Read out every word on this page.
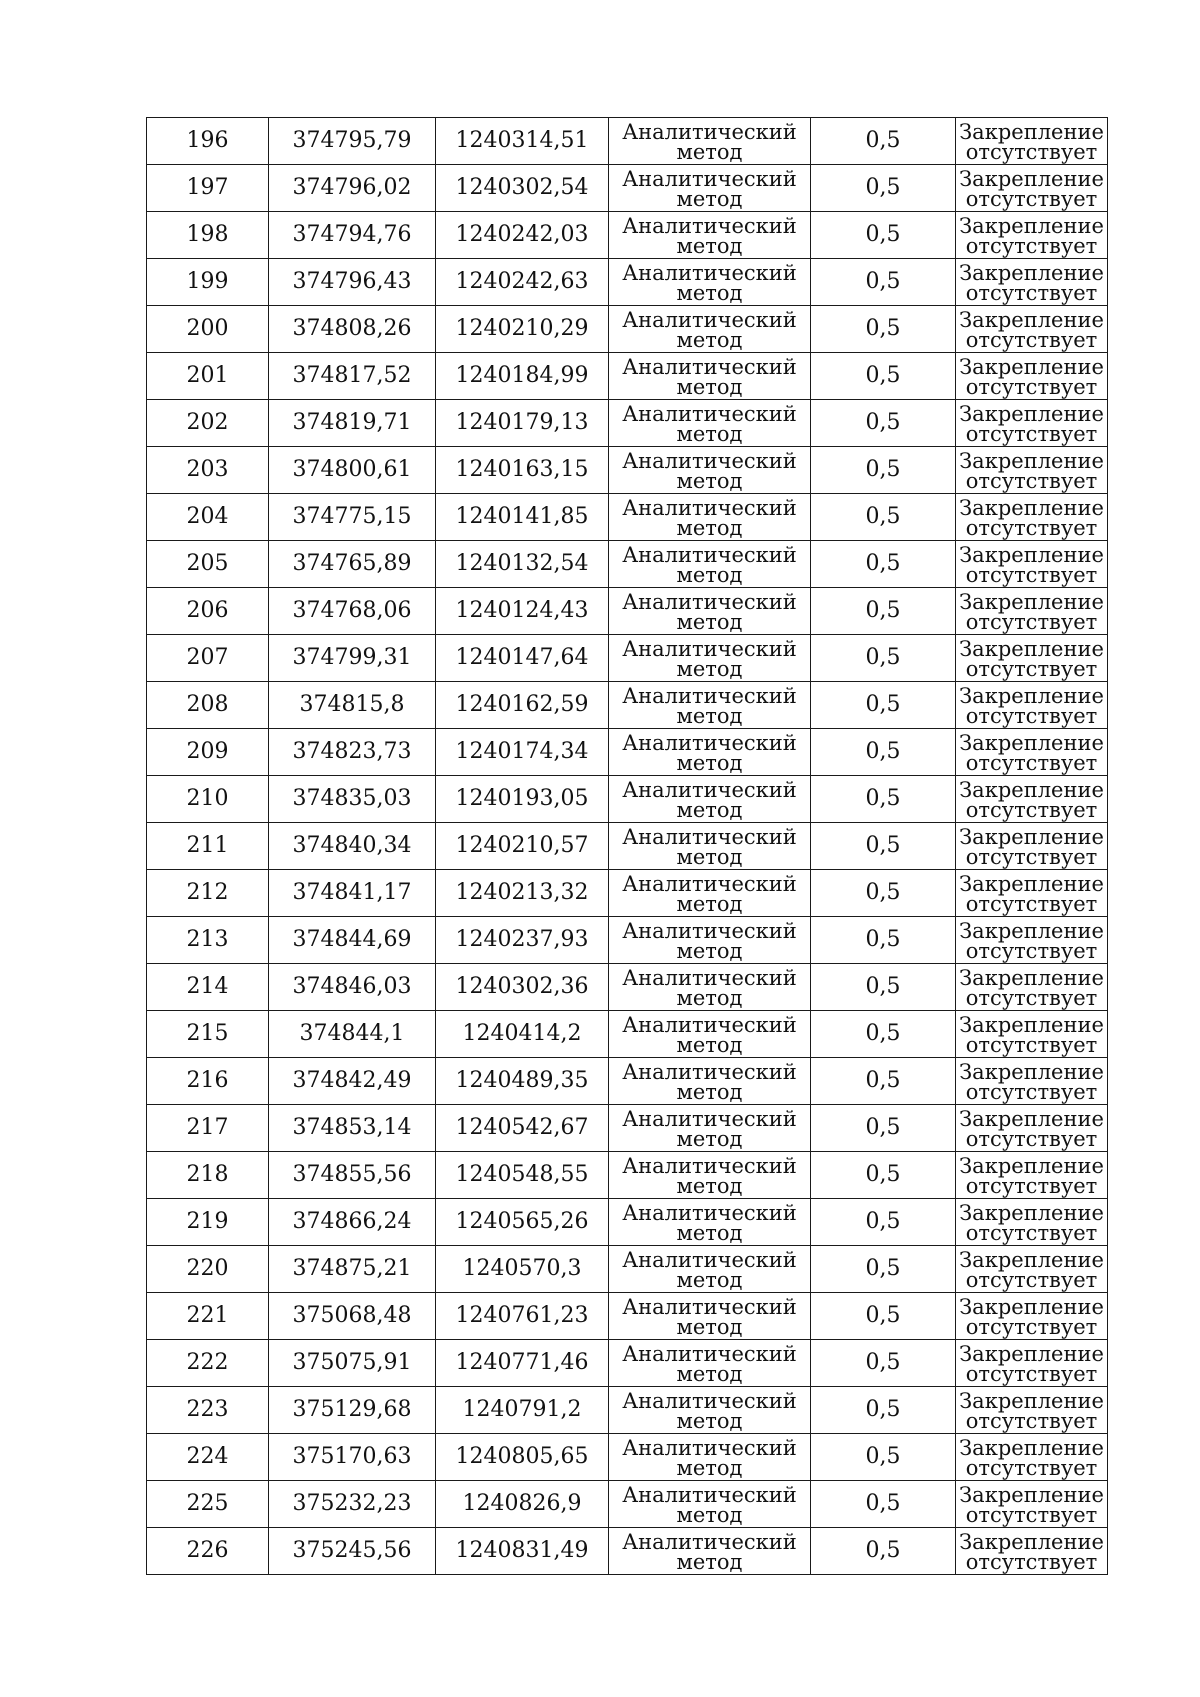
196	374795,79	1240314,51	Аналитический
метод	0,5	Закрепление
отсутствует

197	374796,02	1240302,54	Аналитический
метод	0,5	Закрепление
отсутствует

198	374794,76	1240242,03	Аналитический
метод	0,5	Закрепление
отсутствует

199	374796,43	1240242,63	Аналитический
метод	0,5	Закрепление
отсутствует

200	374808,26	1240210,29	Аналитический
метод	0,5	Закрепление
отсутствует

201	374817,52	1240184,99	Аналитический
метод	0,5	Закрепление
отсутствует

202	374819,71	1240179,13	Аналитический
метод	0,5	Закрепление
отсутствует

203	374800,61	1240163,15	Аналитический
метод	0,5	Закрепление
отсутствует

204	374775,15	1240141,85	Аналитический
метод	0,5	Закрепление
отсутствует

205	374765,89	1240132,54	Аналитический
метод	0,5	Закрепление
отсутствует

206	374768,06	1240124,43	Аналитический
метод	0,5	Закрепление
отсутствует

207	374799,31	1240147,64	Аналитический
метод	0,5	Закрепление
отсутствует

208	374815,8	1240162,59	Аналитический
метод	0,5	Закрепление
отсутствует

209	374823,73	1240174,34	Аналитический
метод	0,5	Закрепление
отсутствует

210	374835,03	1240193,05	Аналитический
метод	0,5	Закрепление
отсутствует

211	374840,34	1240210,57	Аналитический
метод	0,5	Закрепление
отсутствует

212	374841,17	1240213,32	Аналитический
метод	0,5	Закрепление
отсутствует

213	374844,69	1240237,93	Аналитический
метод	0,5	Закрепление
отсутствует

214	374846,03	1240302,36	Аналитический
метод	0,5	Закрепление
отсутствует

215	374844,1	1240414,2	Аналитический
метод	0,5	Закрепление
отсутствует

216	374842,49	1240489,35	Аналитический
метод	0,5	Закрепление
отсутствует

217	374853,14	1240542,67	Аналитический
метод	0,5	Закрепление
отсутствует

218	374855,56	1240548,55	Аналитический
метод	0,5	Закрепление
отсутствует

219	374866,24	1240565,26	Аналитический
метод	0,5	Закрепление
отсутствует

220	374875,21	1240570,3	Аналитический
метод	0,5	Закрепление
отсутствует

221	375068,48	1240761,23	Аналитический
метод	0,5	Закрепление
отсутствует

222	375075,91	1240771,46	Аналитический
метод	0,5	Закрепление
отсутствует

223	375129,68	1240791,2	Аналитический
метод	0,5	Закрепление
отсутствует

224	375170,63	1240805,65	Аналитический
метод	0,5	Закрепление
отсутствует

225	375232,23	1240826,9	Аналитический
метод	0,5	Закрепление
отсутствует

226	375245,56	1240831,49	Аналитический
метод	0,5	Закрепление
отсутствует
